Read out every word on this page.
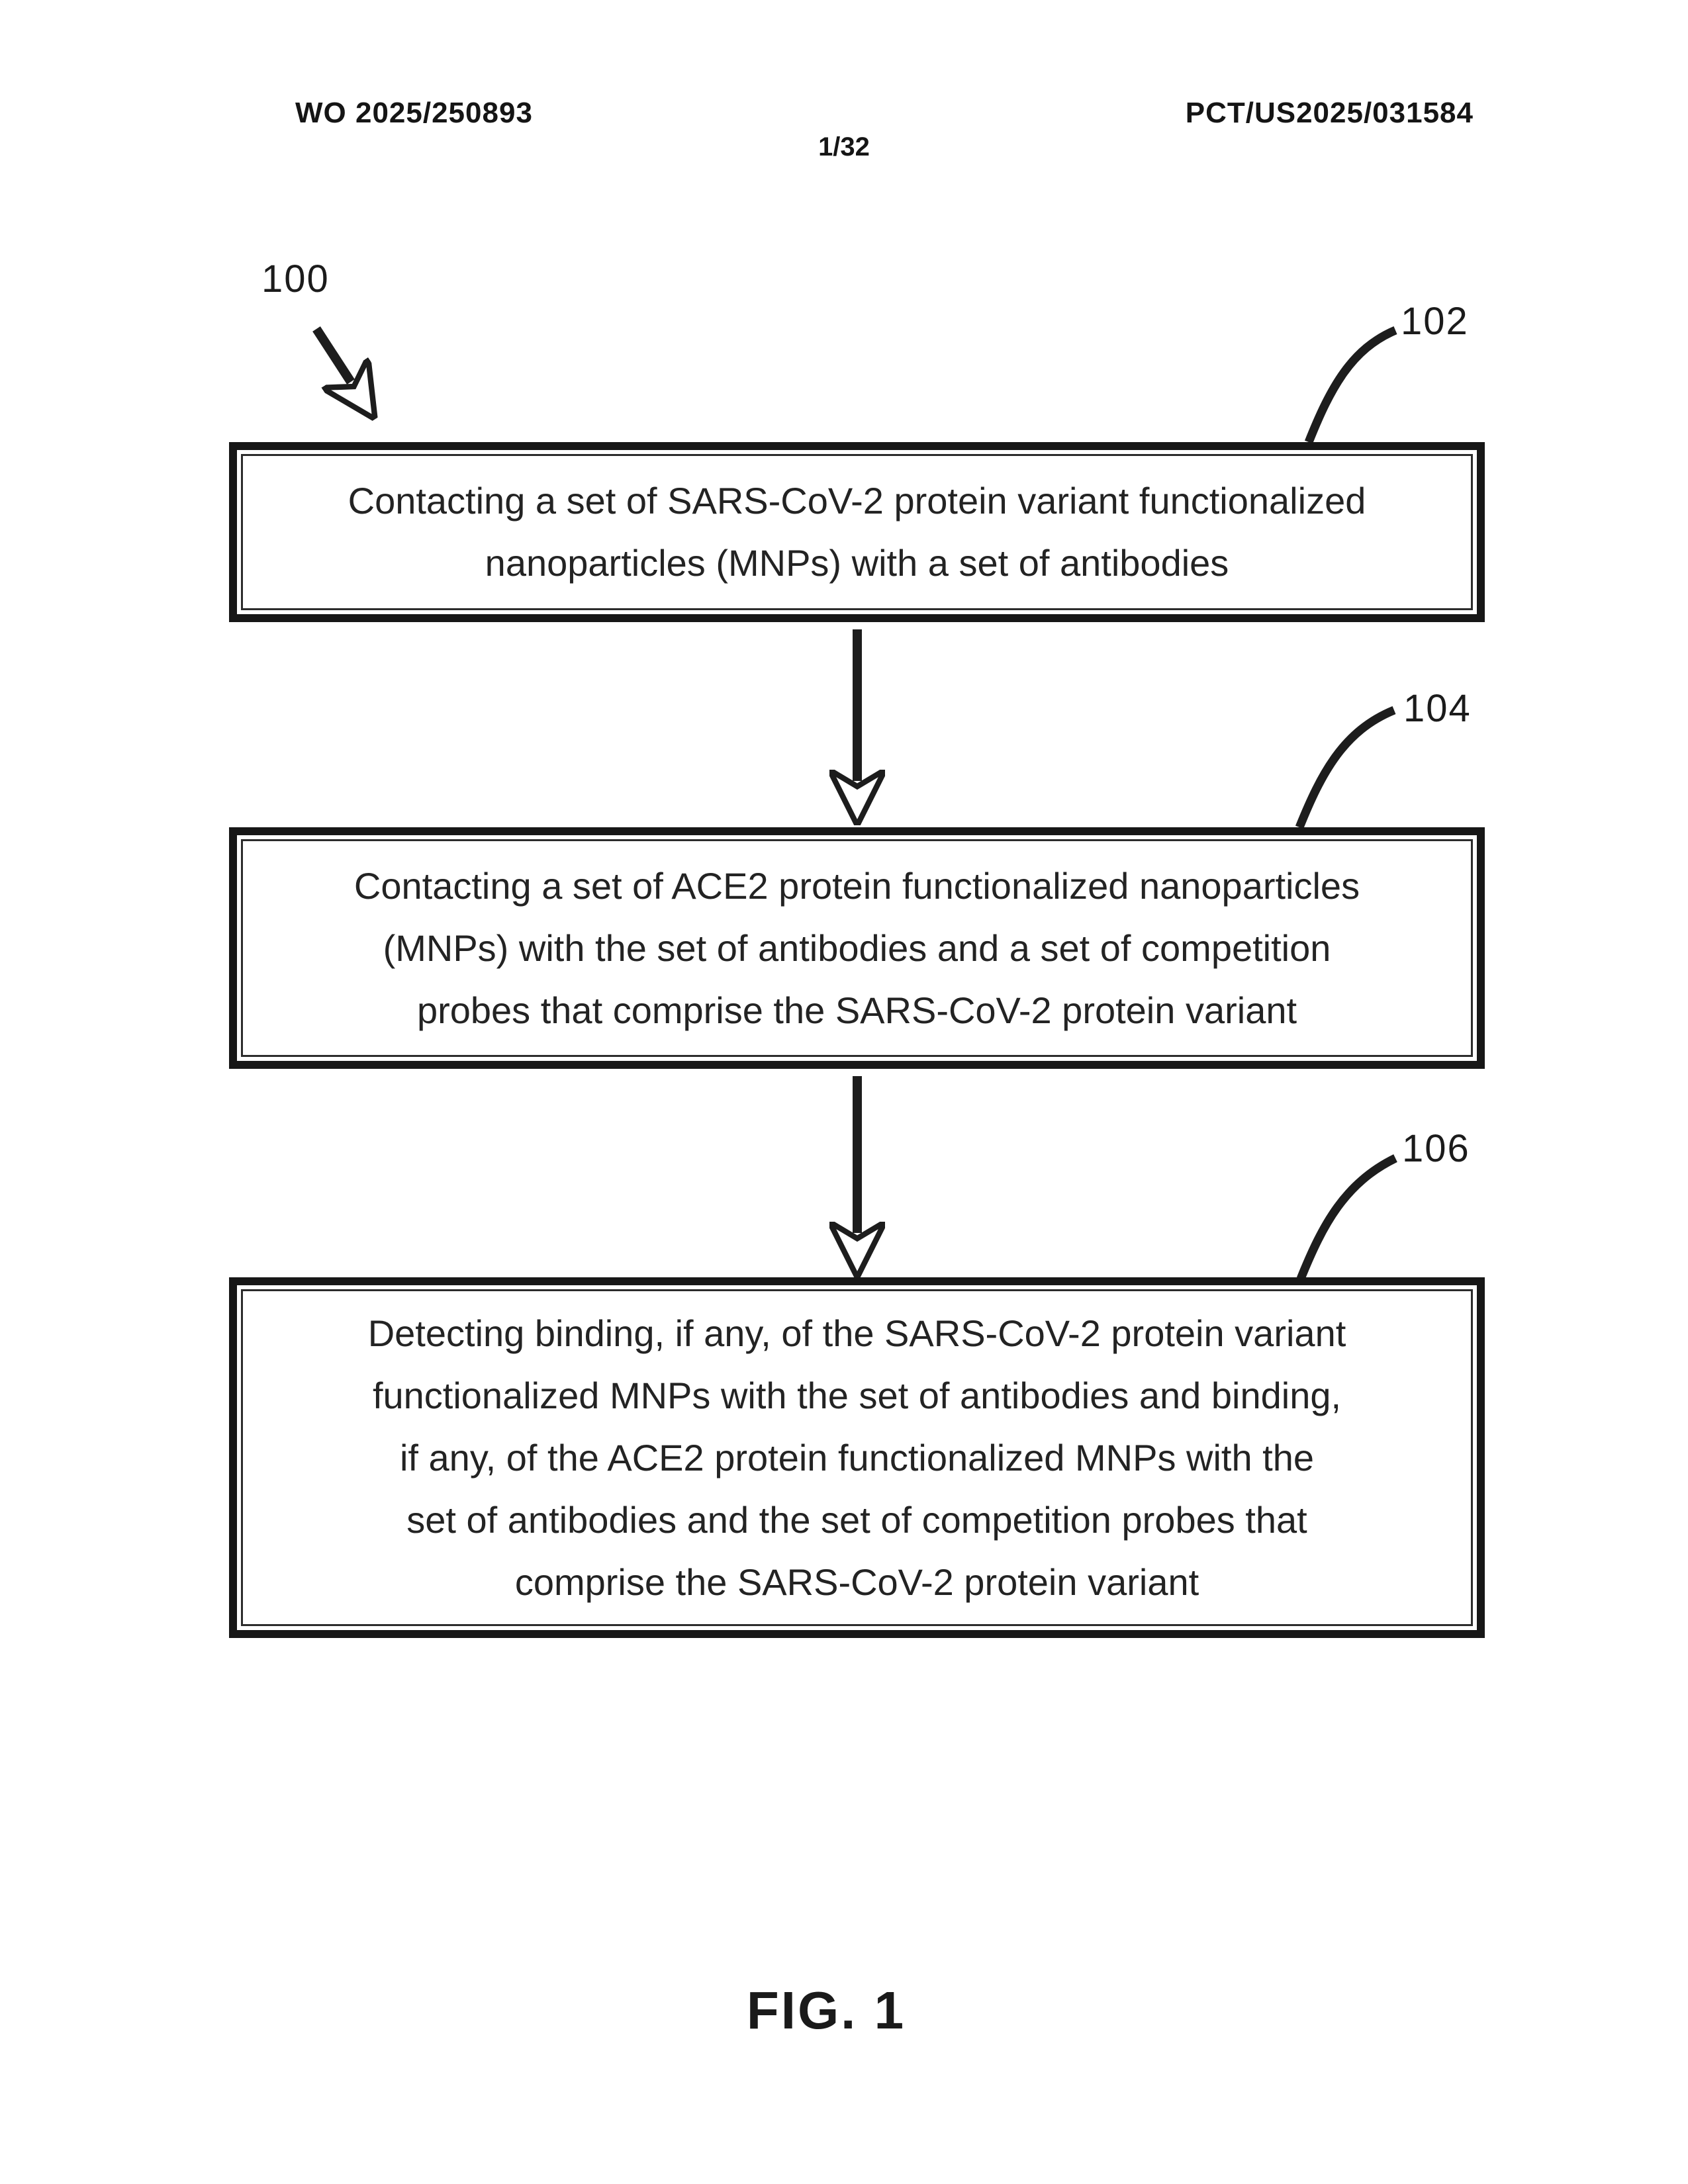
WO 2025/250893	PCT/US2025/031584
1/32
100
102
104
106
Contacting a set of SARS-CoV-2 protein variant functionalized
nanoparticles (MNPs) with a set of antibodies
Contacting a set of ACE2 protein functionalized nanoparticles
(MNPs) with the set of antibodies and a set of competition
probes that comprise the SARS-CoV-2 protein variant
Detecting binding, if any, of the SARS-CoV-2 protein variant
functionalized MNPs with the set of antibodies and binding,
if any, of the ACE2 protein functionalized MNPs with the
set of antibodies and the set of competition probes that
comprise the SARS-CoV-2 protein variant
FIG. 1
